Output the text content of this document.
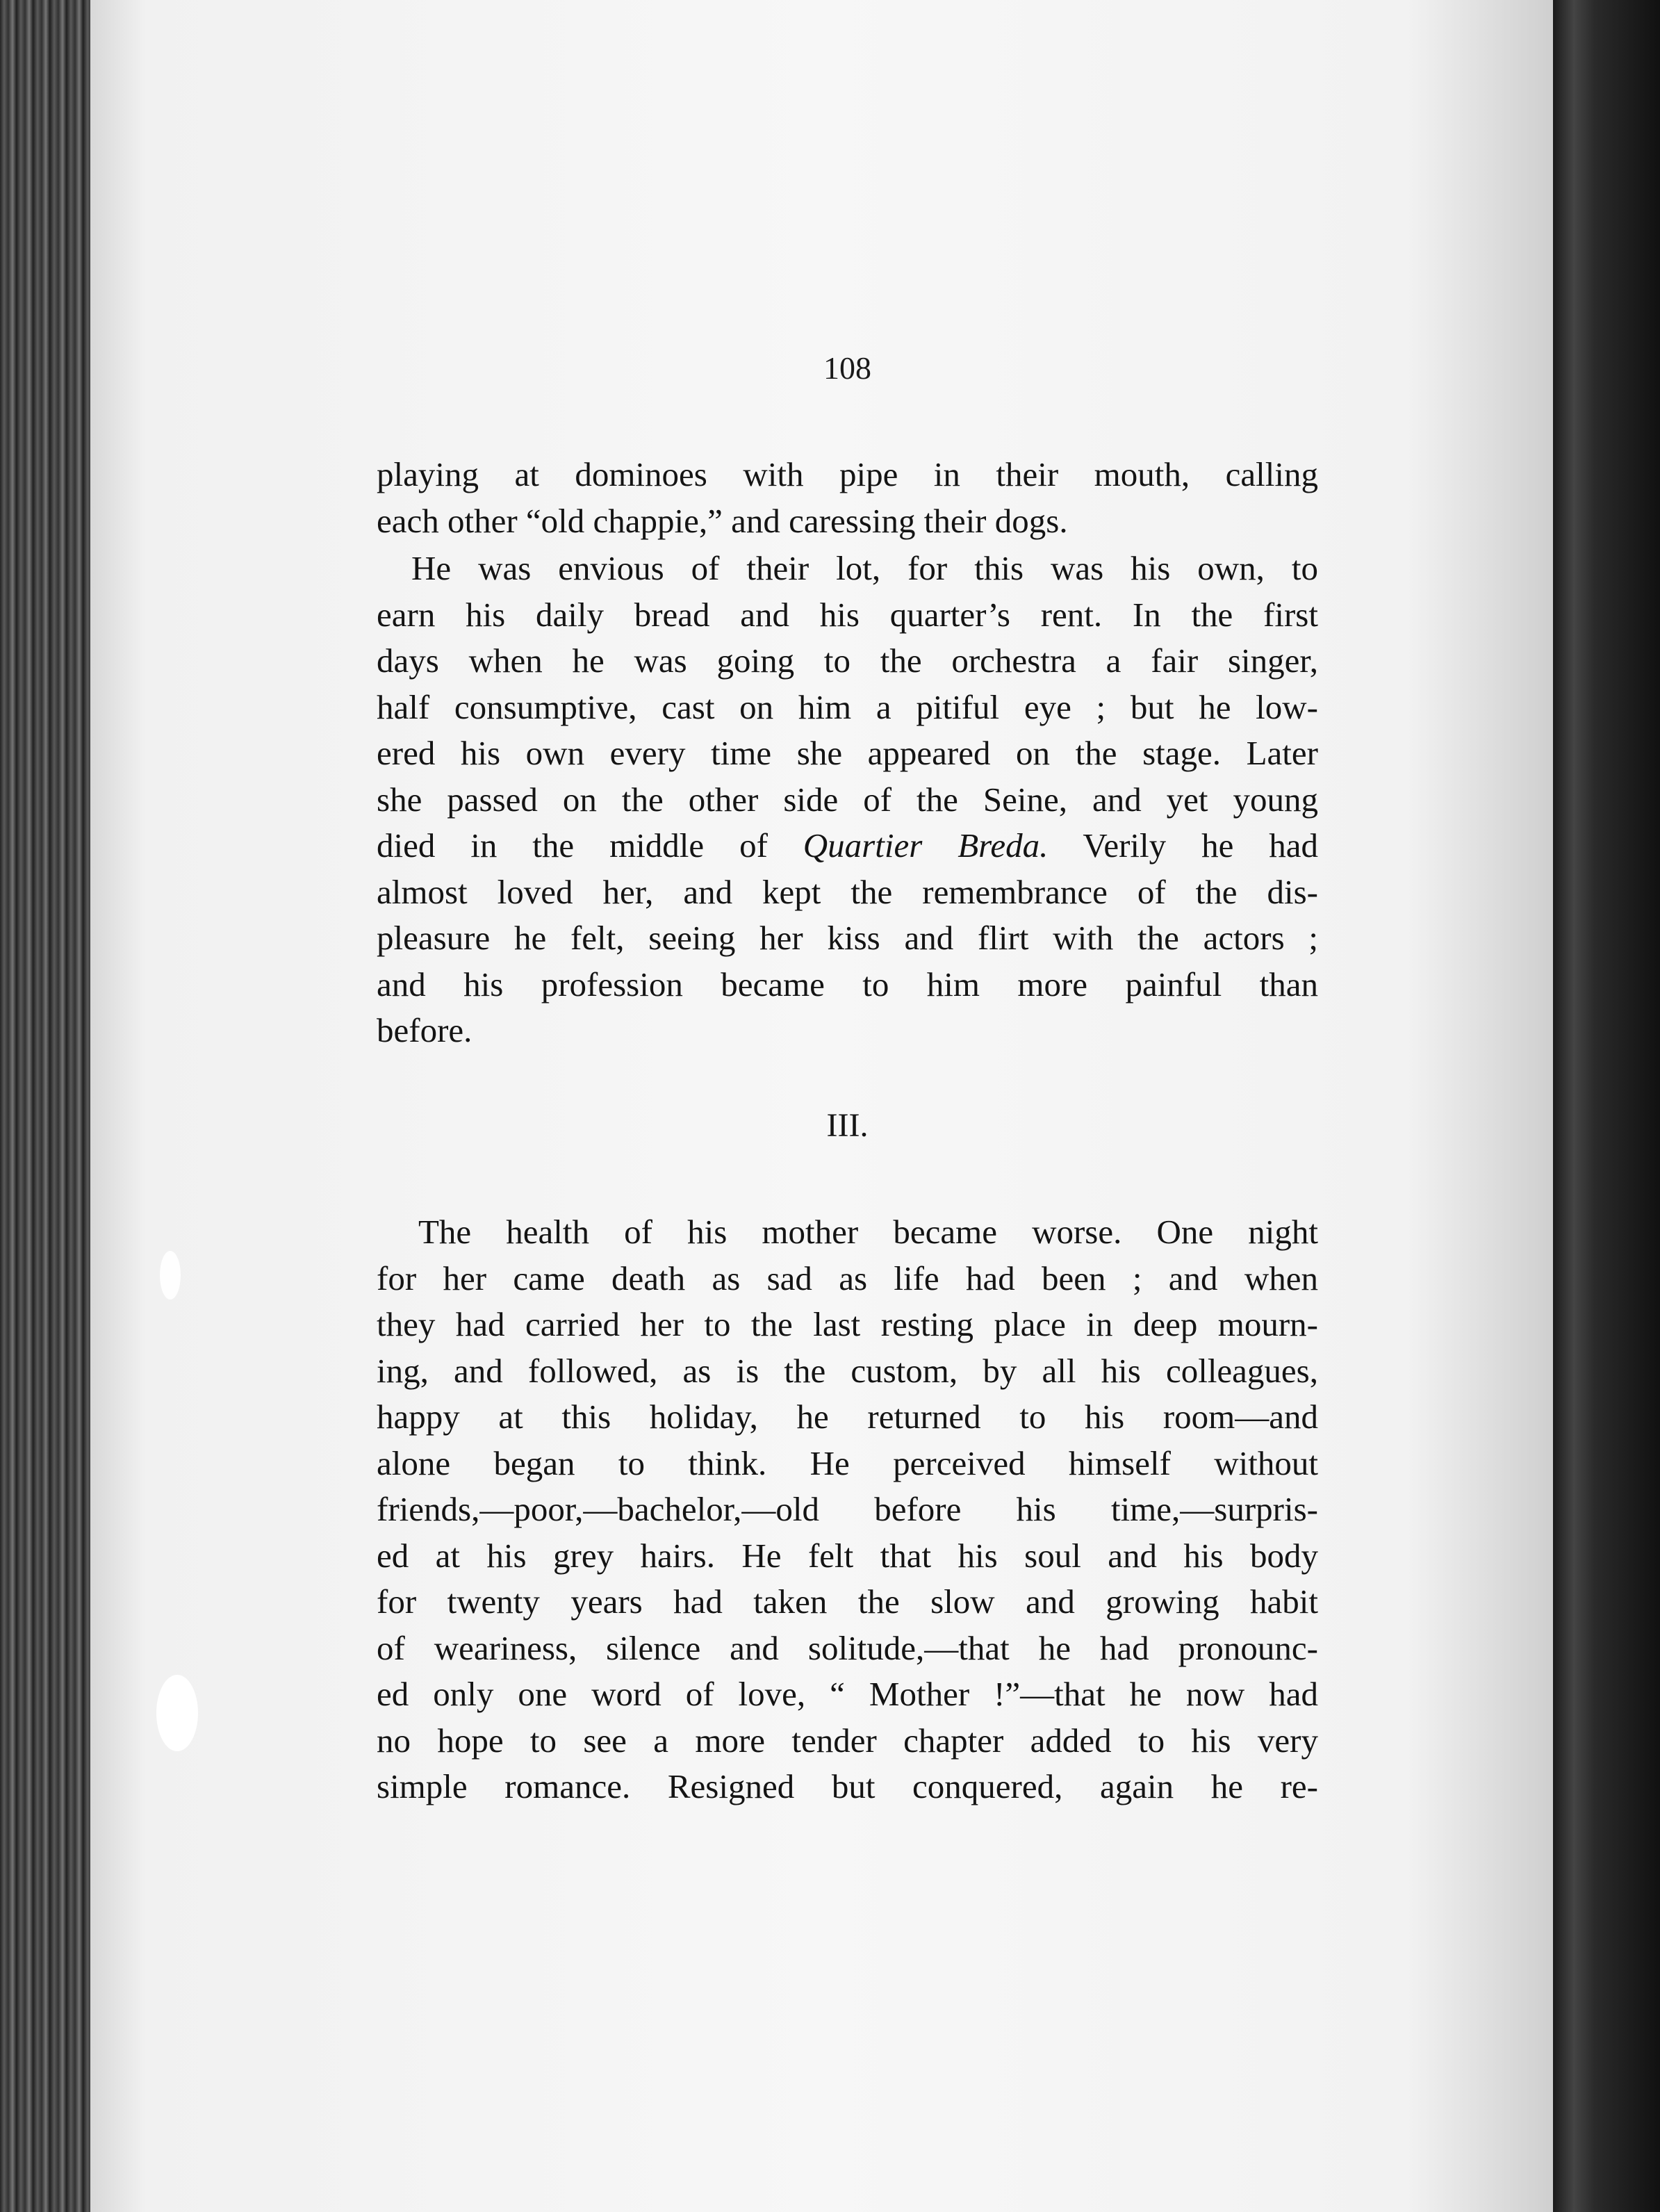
108

playing at dominoes with pipe in their mouth, calling
each other “old chappie,” and caressing their dogs.

He was envious of their lot, for this was his own, to
earn his daily bread and his quarter’s rent. In the first
days when he was going to the orchestra a fair singer,
half consumptive, cast on him a pitiful eye ; but he low-
ered his own every time she appeared on the stage. Later
she passed on the other side of the Seine, and yet young
died in the middle of Quartier Breda. Verily he had
almost loved her, and kept the remembrance of the dis-
pleasure he felt, seeing her kiss and flirt with the actors ;
and his profession became to him more painful than
before.

III.

The health of his mother became worse. One night
for her came death as sad as life had been ; and when
they had carried her to the last resting place in deep mourn-
ing, and followed, as is the custom, by all his colleagues,
happy at this holiday, he returned to his room—and
alone began to think. He perceived himself without
friends,—poor,—bachelor,—old before his time,—surpris-
ed at his grey hairs. He felt that his soul and his body
for twenty years had taken the slow and growing habit
of weariness, silence and solitude,—that he had pronounc-
ed only one word of love, “ Mother !”—that he now had
no hope to see a more tender chapter added to his very
simple romance. Resigned but conquered, again he re-
